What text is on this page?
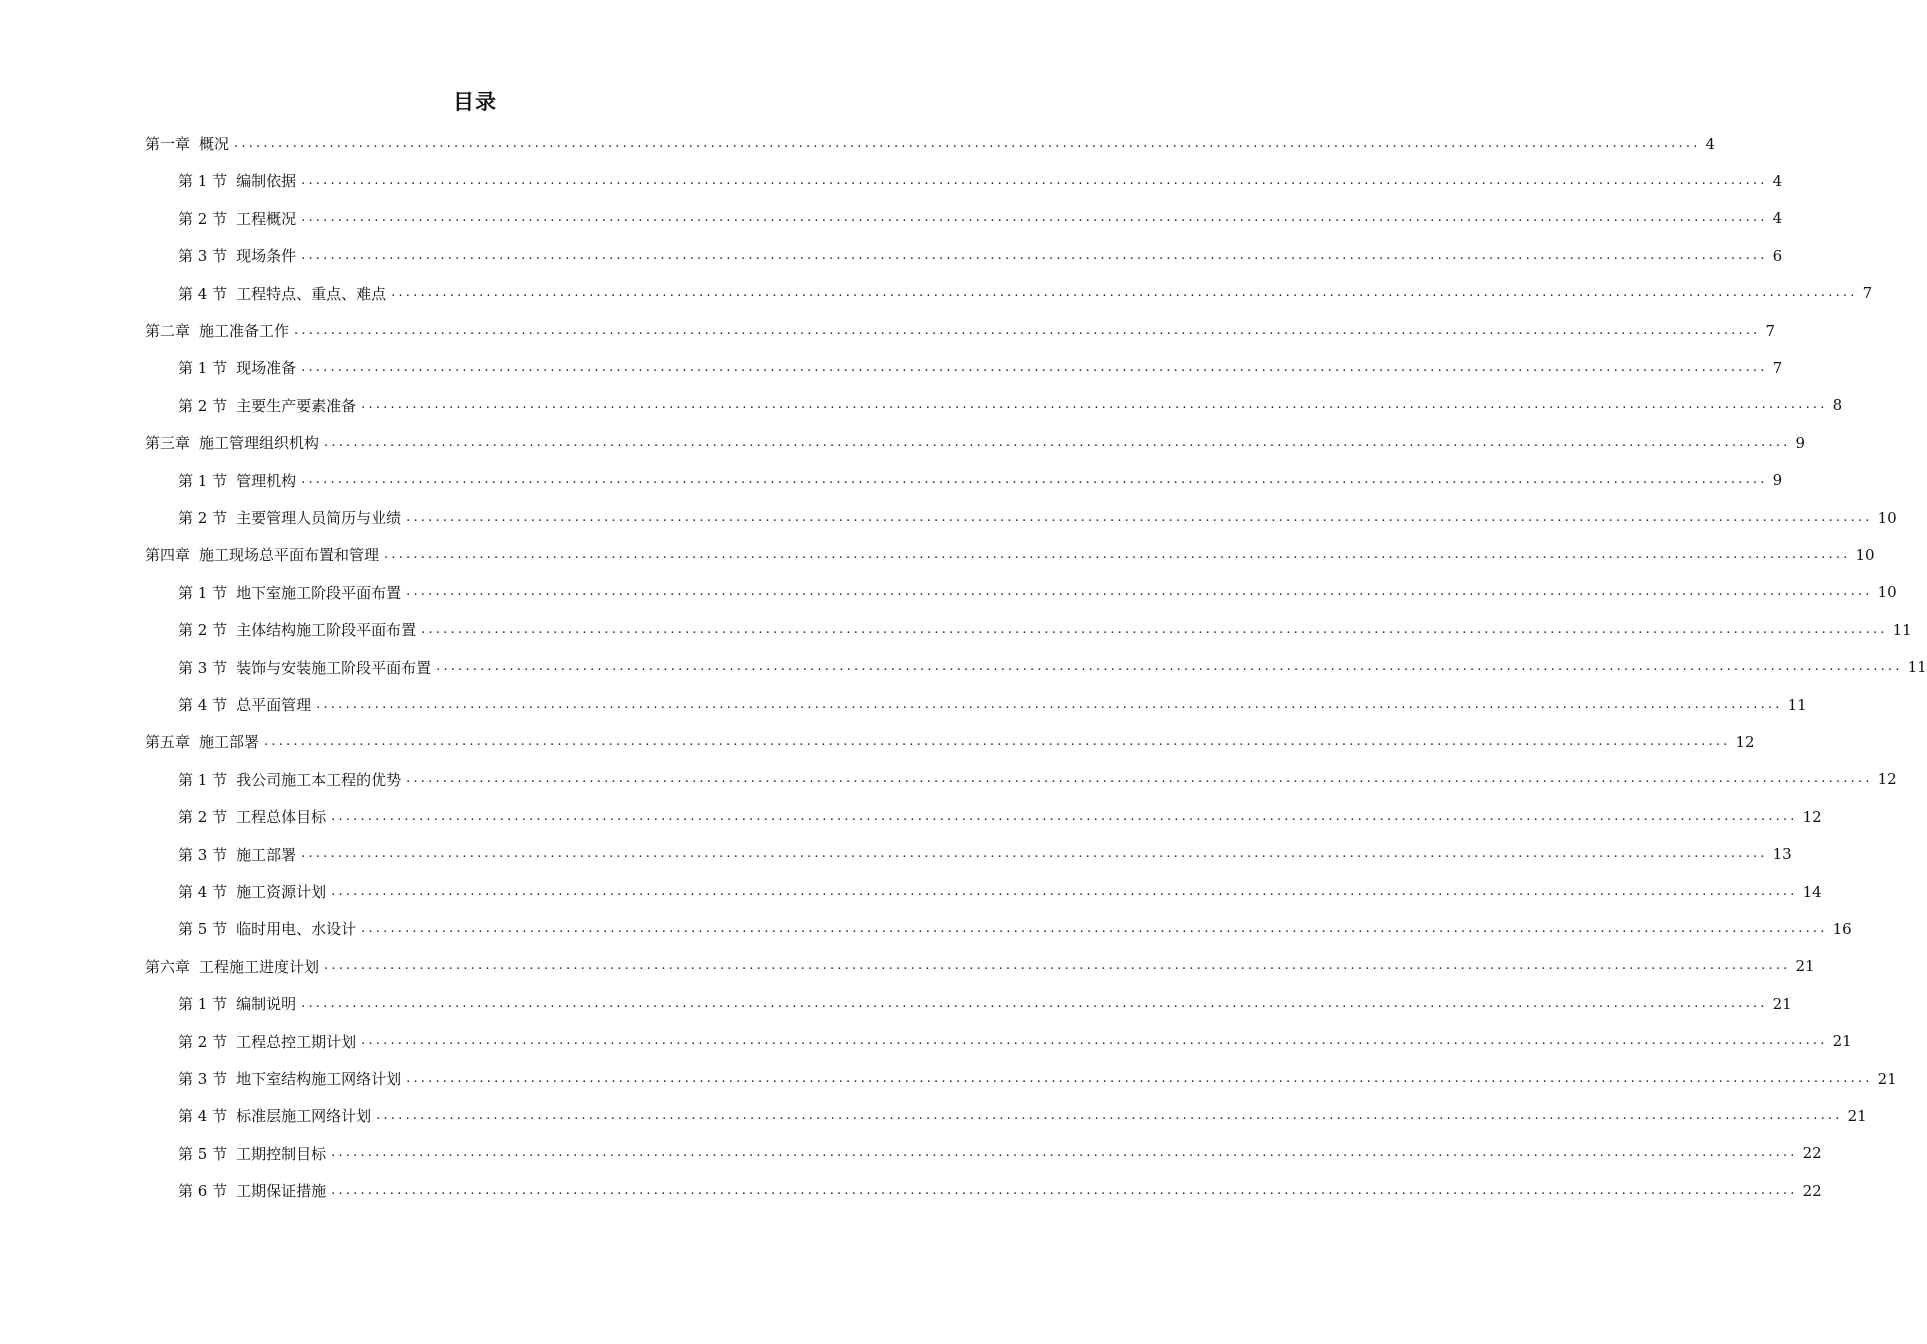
目录
第一章 概况 ........................................................................................................................................................................................................ 4
第 1 节 编制依据 ........................................................................................................................................................................................................ 4
第 2 节 工程概况 ........................................................................................................................................................................................................ 4
第 3 节 现场条件 ........................................................................................................................................................................................................ 6
第 4 节 工程特点、重点、难点 ........................................................................................................................................................................................................ 7
第二章 施工准备工作 ........................................................................................................................................................................................................ 7
第 1 节 现场准备 ........................................................................................................................................................................................................ 7
第 2 节 主要生产要素准备 ........................................................................................................................................................................................................ 8
第三章 施工管理组织机构 ........................................................................................................................................................................................................ 9
第 1 节 管理机构 ........................................................................................................................................................................................................ 9
第 2 节 主要管理人员简历与业绩 ........................................................................................................................................................................................................ 10
第四章 施工现场总平面布置和管理 ........................................................................................................................................................................................................ 10
第 1 节 地下室施工阶段平面布置 ........................................................................................................................................................................................................ 10
第 2 节 主体结构施工阶段平面布置 ........................................................................................................................................................................................................ 11
第 3 节 装饰与安装施工阶段平面布置 ........................................................................................................................................................................................................ 11
第 4 节 总平面管理 ........................................................................................................................................................................................................ 11
第五章 施工部署 ........................................................................................................................................................................................................ 12
第 1 节 我公司施工本工程的优势 ........................................................................................................................................................................................................ 12
第 2 节 工程总体目标 ........................................................................................................................................................................................................ 12
第 3 节 施工部署 ........................................................................................................................................................................................................ 13
第 4 节 施工资源计划 ........................................................................................................................................................................................................ 14
第 5 节 临时用电、水设计 ........................................................................................................................................................................................................ 16
第六章 工程施工进度计划 ........................................................................................................................................................................................................ 21
第 1 节 编制说明 ........................................................................................................................................................................................................ 21
第 2 节 工程总控工期计划 ........................................................................................................................................................................................................ 21
第 3 节 地下室结构施工网络计划 ........................................................................................................................................................................................................ 21
第 4 节 标准层施工网络计划 ........................................................................................................................................................................................................ 21
第 5 节 工期控制目标 ........................................................................................................................................................................................................ 22
第 6 节 工期保证措施 ........................................................................................................................................................................................................ 22
